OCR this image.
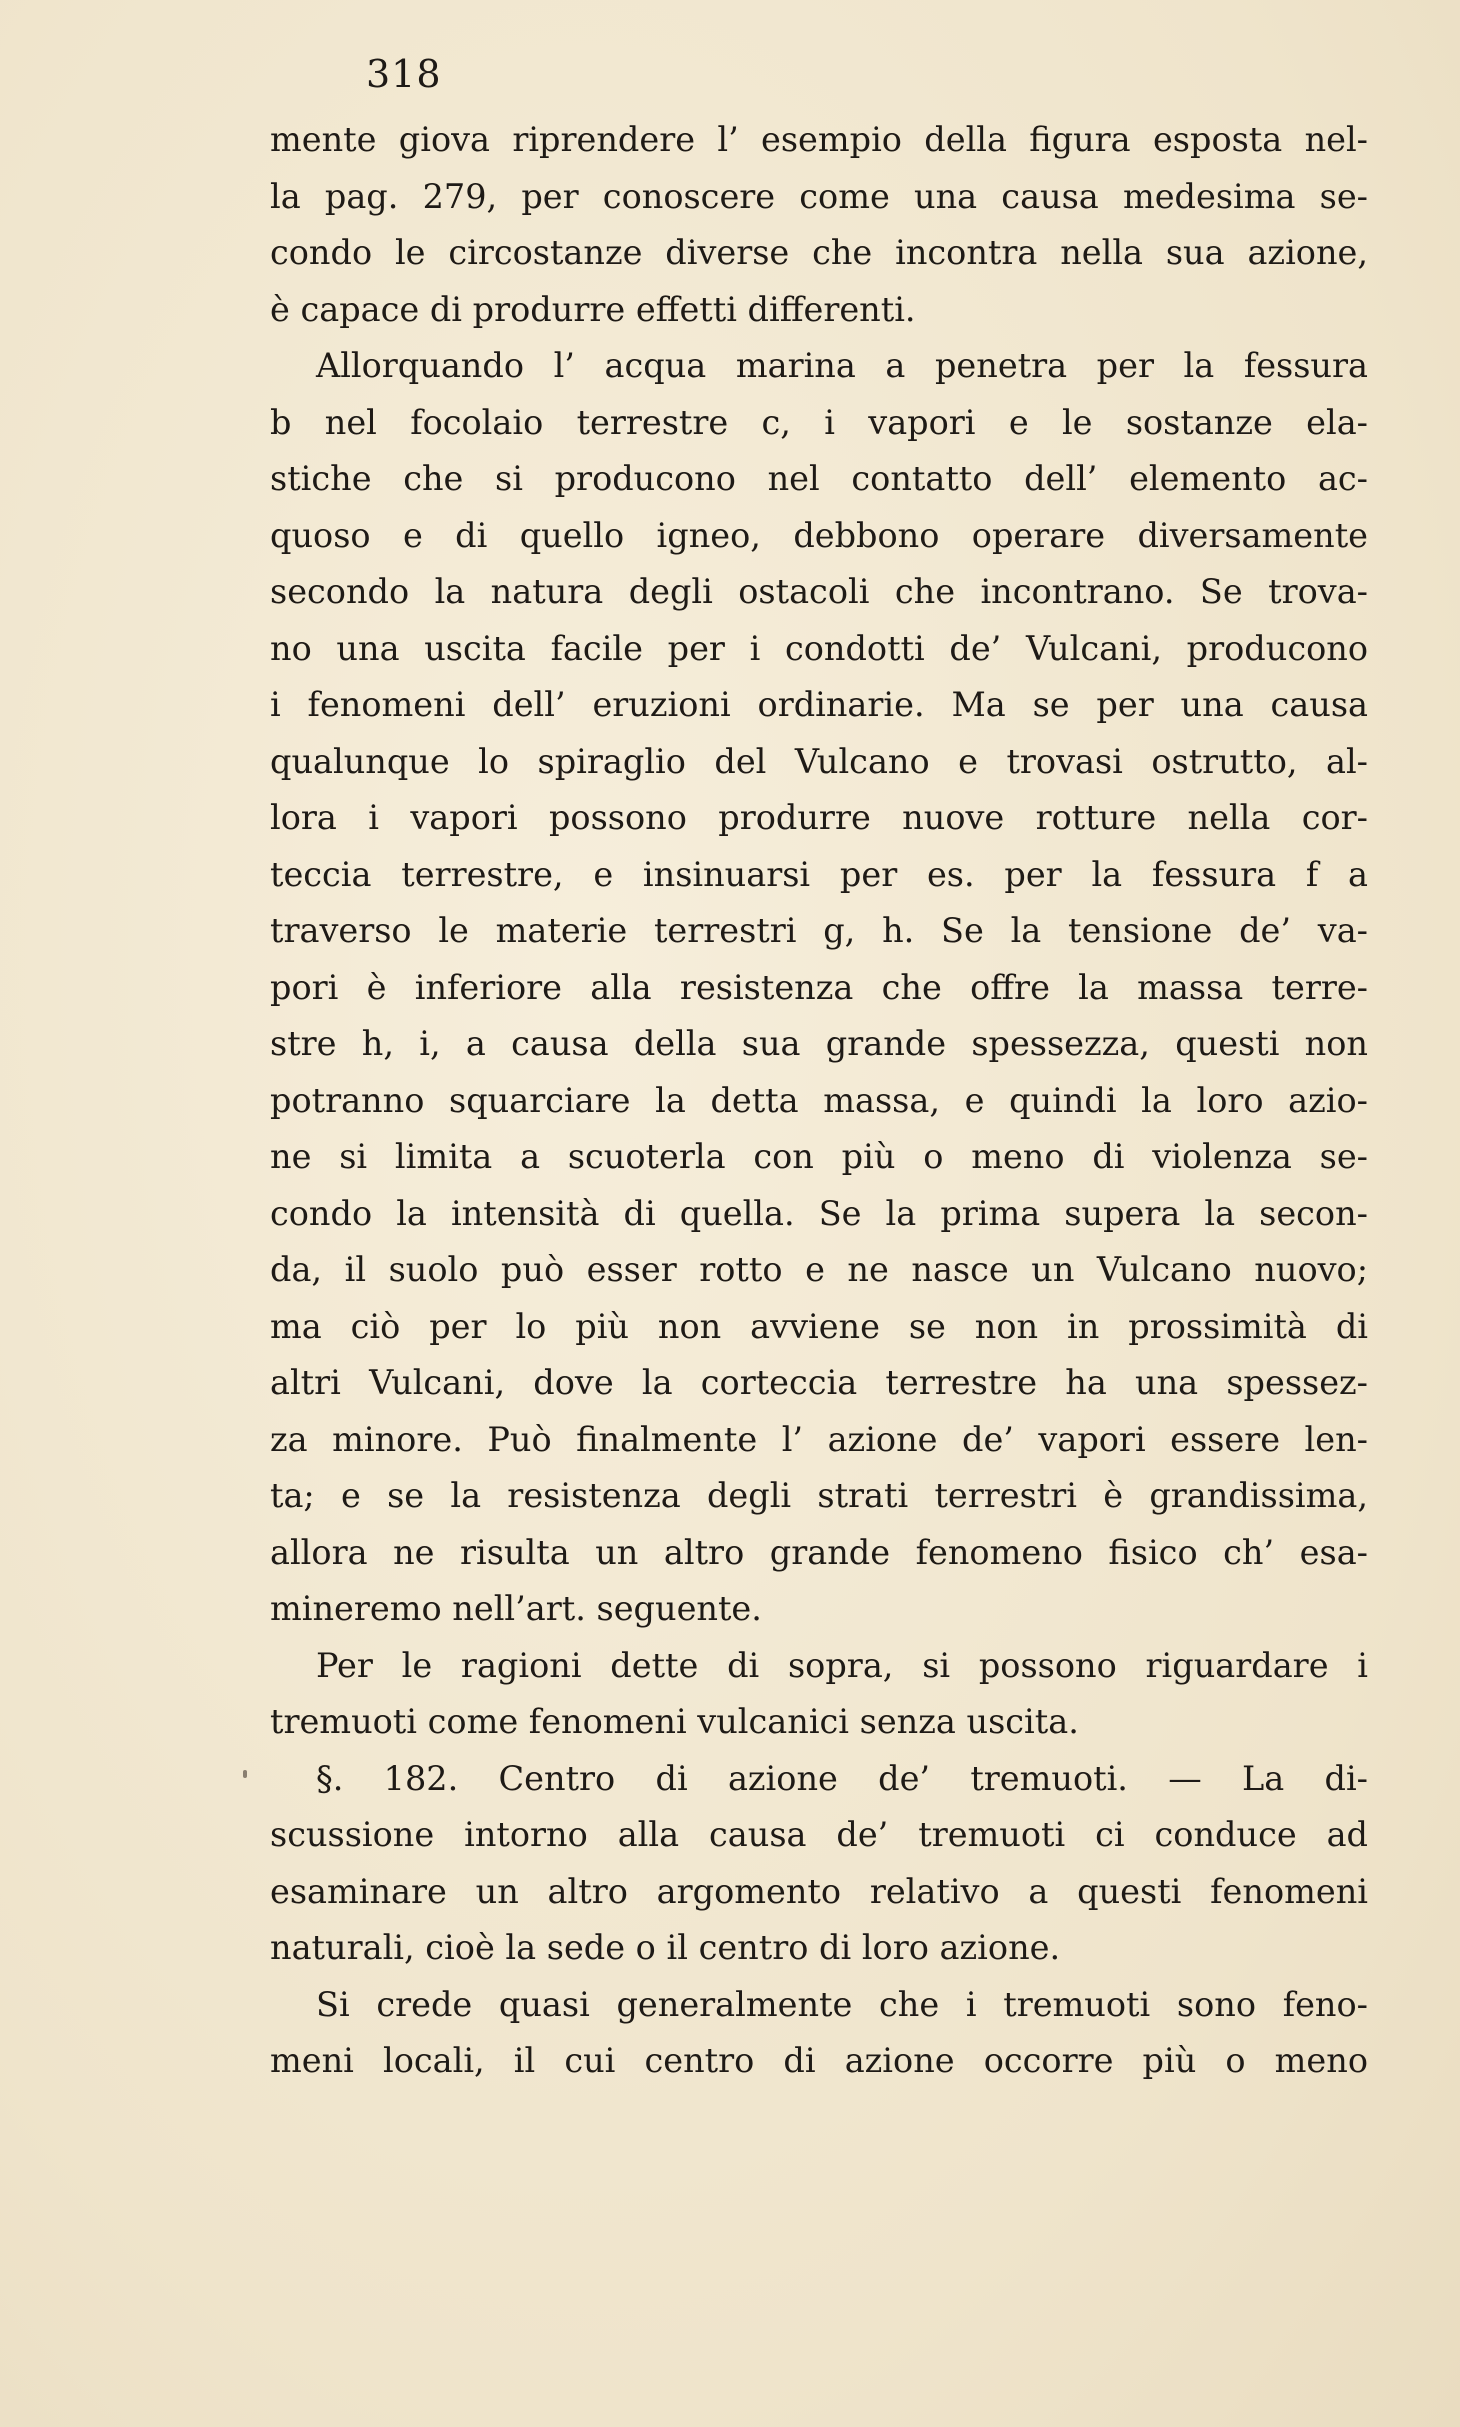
318
mente giova riprendere l’ esempio della figura esposta nel-
la pag. 279, per conoscere come una causa medesima se-
condo le circostanze diverse che incontra nella sua azione,
è capace di produrre effetti differenti.
Allorquando l’ acqua marina a penetra per la fessura
b nel focolaio terrestre c, i vapori e le sostanze ela-
stiche che si producono nel contatto dell’ elemento ac-
quoso e di quello igneo, debbono operare diversamente
secondo la natura degli ostacoli che incontrano. Se trova-
no una uscita facile per i condotti de’ Vulcani, producono
i fenomeni dell’ eruzioni ordinarie. Ma se per una causa
qualunque lo spiraglio del Vulcano e trovasi ostrutto, al-
lora i vapori possono produrre nuove rotture nella cor-
teccia terrestre, e insinuarsi per es. per la fessura f a
traverso le materie terrestri g, h. Se la tensione de’ va-
pori è inferiore alla resistenza che offre la massa terre-
stre h, i, a causa della sua grande spessezza, questi non
potranno squarciare la detta massa, e quindi la loro azio-
ne si limita a scuoterla con più o meno di violenza se-
condo la intensità di quella. Se la prima supera la secon-
da, il suolo può esser rotto e ne nasce un Vulcano nuovo;
ma ciò per lo più non avviene se non in prossimità di
altri Vulcani, dove la corteccia terrestre ha una spessez-
za minore. Può finalmente l’ azione de’ vapori essere len-
ta; e se la resistenza degli strati terrestri è grandissima,
allora ne risulta un altro grande fenomeno fisico ch’ esa-
mineremo nell’art. seguente.
Per le ragioni dette di sopra, si possono riguardare i
tremuoti come fenomeni vulcanici senza uscita.
§. 182. Centro di azione de’ tremuoti. — La di-
scussione intorno alla causa de’ tremuoti ci conduce ad
esaminare un altro argomento relativo a questi fenomeni
naturali, cioè la sede o il centro di loro azione.
Si crede quasi generalmente che i tremuoti sono feno-
meni locali, il cui centro di azione occorre più o meno
